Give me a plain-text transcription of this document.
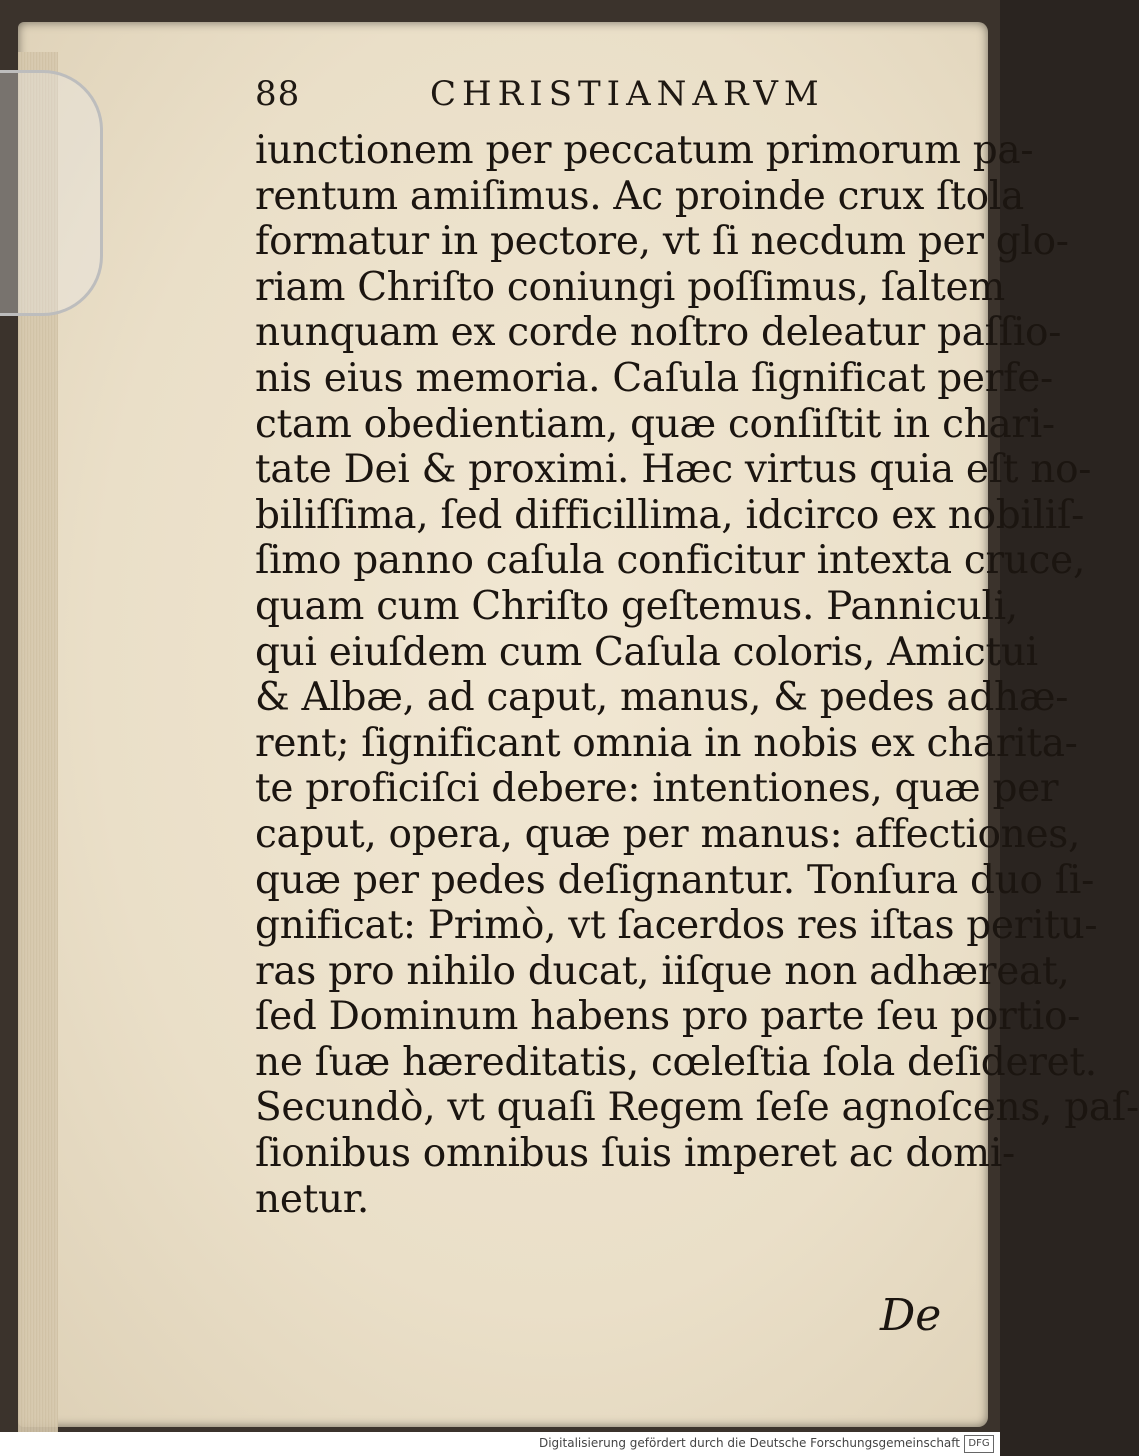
88	CHRISTIANARVM
iunctionem per peccatum primorum pa-
rentum amiſimus. Ac proinde crux ſtola
formatur in pectore, vt ſi necdum per glo-
riam Chriſto coniungi poſſimus, ſaltem
nunquam ex corde noſtro deleatur paſſio-
nis eius memoria. Caſula ſignificat perfe-
ctam obedientiam, quæ conſiſtit in chari-
tate Dei & proximi. Hæc virtus quia eſt no-
biliſſima, ſed difficillima, idcirco ex nobiliſ-
ſimo panno caſula conficitur intexta cruce,
quam cum Chriſto geſtemus. Panniculi,
qui eiuſdem cum Caſula coloris, Amictui
& Albæ, ad caput, manus, & pedes adhæ-
rent; ſignificant omnia in nobis ex charita-
te proficiſci debere: intentiones, quæ per
caput, opera, quæ per manus: affectiones,
quæ per pedes deſignantur. Tonſura duo ſi-
gnificat: Primò, vt ſacerdos res iſtas peritu-
ras pro nihilo ducat, iiſque non adhæreat,
ſed Dominum habens pro parte ſeu portio-
ne ſuæ hæreditatis, cœleſtia ſola deſideret.
Secundò, vt quaſi Regem ſeſe agnoſcens, paſ-
ſionibus omnibus ſuis imperet ac domi-
netur.
De
Digitalisierung gefördert durch die Deutsche Forschungsgemeinschaft DFG
